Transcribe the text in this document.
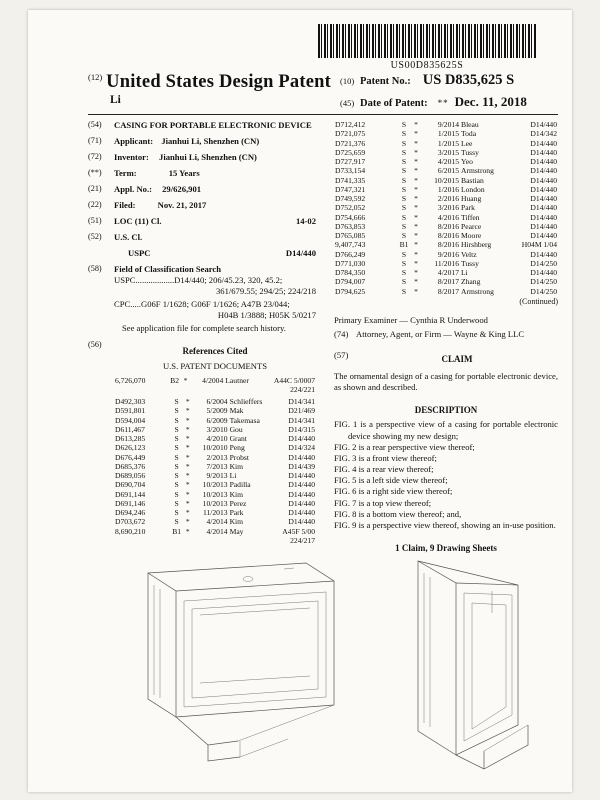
US00D835625S
$^{(12)}$ United States Design Patent
Li
(10) Patent No.: US D835,625 S
(45) Date of Patent: ** Dec. 11, 2018
(54)	CASING FOR PORTABLE ELECTRONIC DEVICE
(71)	Applicant: Jianhui Li, Shenzhen (CN)
(72)	Inventor: Jianhui Li, Shenzhen (CN)
(**)	Term:	15 Years
(21)	Appl. No.: 29/626,901
(22)	Filed:	Nov. 21, 2017
(51)	LOC (11) Cl.	14-02
(52)	U.S. Cl.
USPC	D14/440
(58)	Field of Classification Search
USPC .................. D14/440; 206/45.23, 320, 45.2;
361/679.55; 294/25; 224/218
CPC ..... G06F 1/1628; G06F 1/1626; A47B 23/044;
H04B 1/3888; H05K 5/0217
See application file for complete search history.
(56)
References Cited
U.S. PATENT DOCUMENTS
6,726,070	B2	*	4/2004	Lautner	A44C 5/0007
224/221

D492,303	S	*	6/2004	Schlieffers	D14/341
D591,801	S	*	5/2009	Mak	D21/469
D594,004	S	*	6/2009	Takemasa	D14/341
D611,467	S	*	3/2010	Gou	D14/315
D613,285	S	*	4/2010	Grant	D14/440
D626,123	S	*	10/2010	Peng	D14/324
D676,449	S	*	2/2013	Probst	D14/440
D685,376	S	*	7/2013	Kim	D14/439
D689,056	S	*	9/2013	Li	D14/440
D690,704	S	*	10/2013	Padilla	D14/440
D691,144	S	*	10/2013	Kim	D14/440
D691,146	S	*	10/2013	Perez	D14/440
D694,246	S	*	11/2013	Park	D14/440
D703,672	S	*	4/2014	Kim	D14/440
8,690,210	B1	*	4/2014	May	A45F 5/00
224/217
D712,412	S	*	9/2014	Bleau	D14/440
D721,075	S	*	1/2015	Toda	D14/342
D721,376	S	*	1/2015	Lee	D14/440
D725,659	S	*	3/2015	Tussy	D14/440
D727,917	S	*	4/2015	Yeo	D14/440
D733,154	S	*	6/2015	Armstrong	D14/440
D741,335	S	*	10/2015	Bastian	D14/440
D747,321	S	*	1/2016	London	D14/440
D749,592	S	*	2/2016	Huang	D14/440
D752,052	S	*	3/2016	Park	D14/440
D754,666	S	*	4/2016	Tiffen	D14/440
D763,853	S	*	8/2016	Pearce	D14/440
D765,085	S	*	8/2016	Moore	D14/440
9,407,743	B1	*	8/2016	Hirshberg	H04M 1/04
D766,249	S	*	9/2016	Veltz	D14/440
D771,030	S	*	11/2016	Tussy	D14/250
D784,350	S	*	4/2017	Li	D14/440
D794,007	S	*	8/2017	Zhang	D14/250
D794,625	S	*	8/2017	Armstrong	D14/250
(Continued)
Primary Examiner — Cynthia R Underwood
(74) Attorney, Agent, or Firm — Wayne & King LLC
(57)	CLAIM
The ornamental design of a casing for portable electronic device, as shown and described.
DESCRIPTION
FIG. 1 is a perspective view of a casing for portable electronic device showing my new design;
FIG. 2 is a rear perspective view thereof;
FIG. 3 is a front view thereof;
FIG. 4 is a rear view thereof;
FIG. 5 is a left side view thereof;
FIG. 6 is a right side view thereof;
FIG. 7 is a top view thereof;
FIG. 8 is a bottom view thereof; and,
FIG. 9 is a perspective view thereof, showing an in-use position.
1 Claim, 9 Drawing Sheets
